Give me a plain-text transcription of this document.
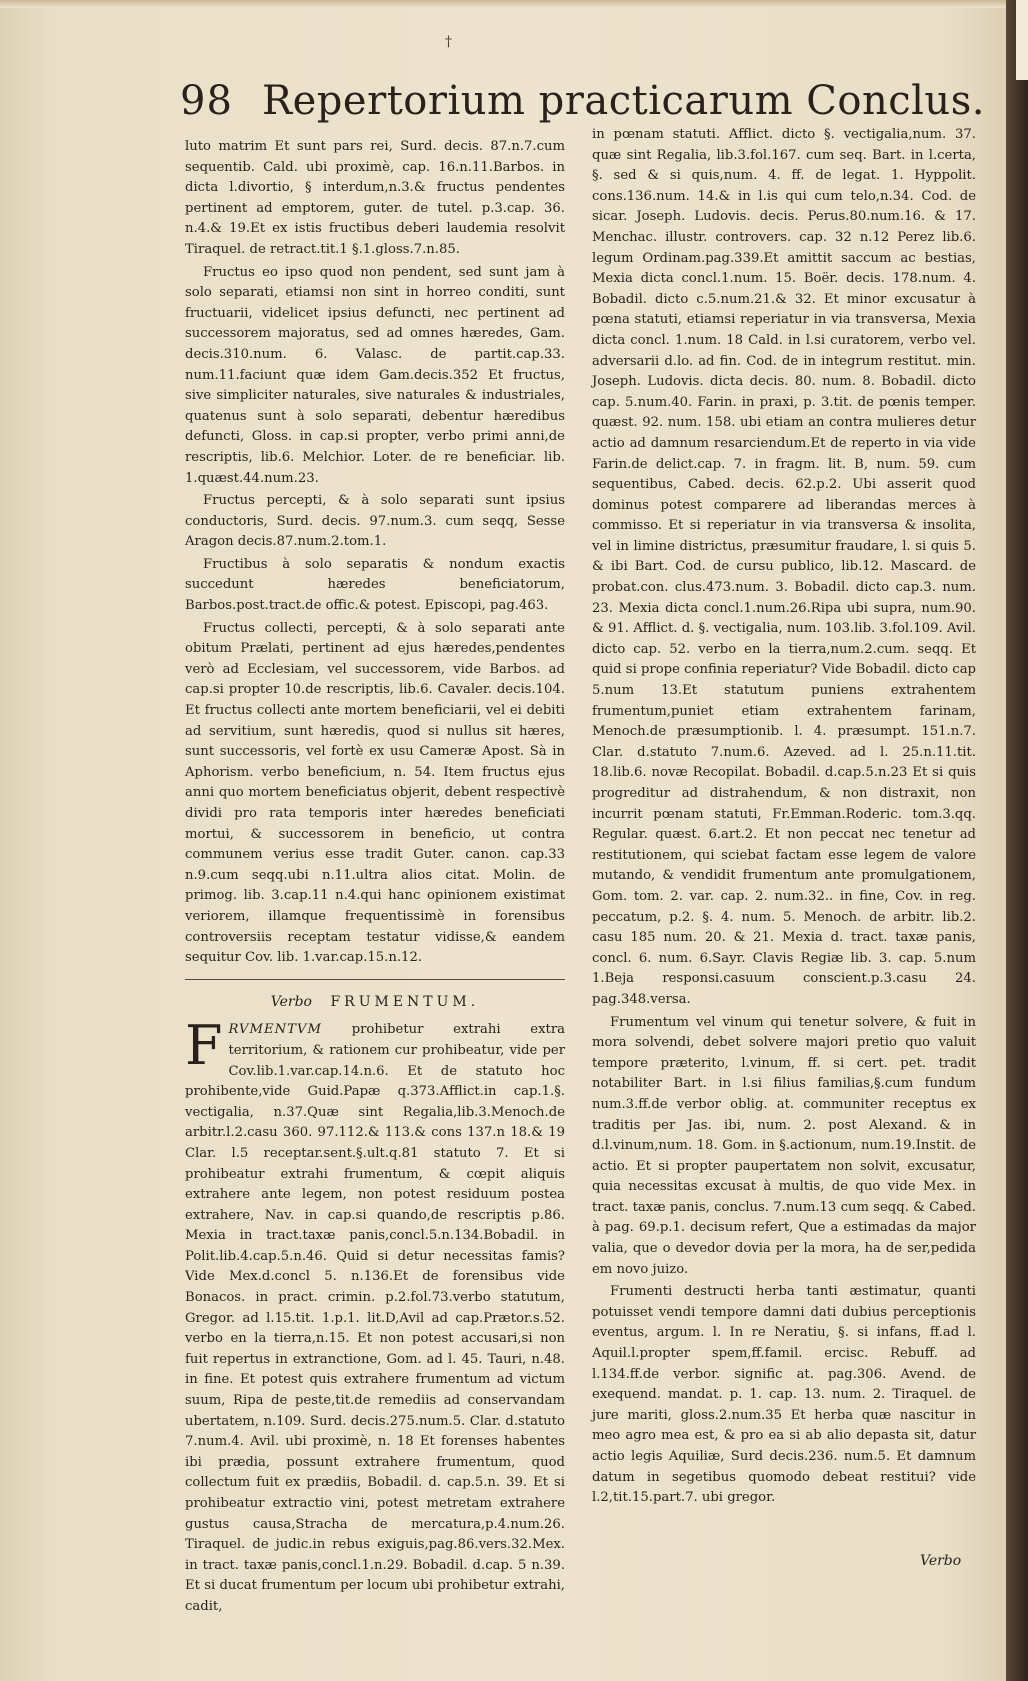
†
98 Repertorium practicarum Conclus.

luto matrim Et sunt pars rei, Surd. decis. 87.n.7.cum sequentib. Cald. ubi proximè, cap. 16.n.11.Barbos. in dicta l.divortio, § interdum,n.3.& fructus pendentes pertinent ad emptorem, guter. de tutel. p.3.cap. 36. n.4.& 19.Et ex istis fructibus deberi laudemia resolvit Tiraquel. de retract.tit.1 §.1.gloss.7.n.85.

Fructus eo ipso quod non pendent, sed sunt jam à solo separati, etiamsi non sint in horreo conditi, sunt fructuarii, videlicet ipsius defuncti, nec pertinent ad successorem majoratus, sed ad omnes hæredes, Gam. decis.310.num. 6. Valasc. de partit.cap.33. num.11.faciunt quæ idem Gam.decis.352 Et fructus, sive simpliciter naturales, sive naturales & industriales, quatenus sunt à solo separati, debentur hæredibus defuncti, Gloss. in cap.si propter, verbo primi anni,de rescriptis, lib.6. Melchior. Loter. de re beneficiar. lib. 1.quæst.44.num.23.

Fructus percepti, & à solo separati sunt ipsius conductoris, Surd. decis. 97.num.3. cum seqq, Sesse Aragon decis.87.num.2.tom.1.

Fructibus à solo separatis & nondum exactis succedunt hæredes beneficiatorum, Barbos.post.tract.de offic.& potest. Episcopi, pag.463.

Fructus collecti, percepti, & à solo separati ante obitum Prælati, pertinent ad ejus hæredes,pendentes verò ad Ecclesiam, vel successorem, vide Barbos. ad cap.si propter 10.de rescriptis, lib.6. Cavaler. decis.104. Et fructus collecti ante mortem beneficiarii, vel ei debiti ad servitium, sunt hæredis, quod si nullus sit hæres, sunt successoris, vel fortè ex usu Cameræ Apost. Sà in Aphorism. verbo beneficium, n. 54. Item fructus ejus anni quo mortem beneficiatus objerit, debent respectivè dividi pro rata temporis inter hæredes beneficiati mortui, & successorem in beneficio, ut contra communem verius esse tradit Guter. canon. cap.33 n.9.cum seqq.ubi n.11.ultra alios citat. Molin. de primog. lib. 3.cap.11 n.4.qui hanc opinionem existimat veriorem, illamque frequentissimè in forensibus controversiis receptam testatur vidisse,& eandem sequitur Cov. lib. 1.var.cap.15.n.12.

Verbo FRUMENTUM.

F RVMENTVM prohibetur extrahi extra territorium, & rationem cur prohibeatur, vide per Cov.lib.1.var.cap.14.n.6. Et de statuto hoc prohibente,vide Guid.Papæ q.373.Afflict.in cap.1.§. vectigalia, n.37.Quæ sint Regalia,lib.3.Menoch.de arbitr.l.2.casu 360. 97.112.& 113.& cons 137.n 18.& 19 Clar. l.5 receptar.sent.§.ult.q.81 statuto 7. Et si prohibeatur extrahi frumentum, & cœpit aliquis extrahere ante legem, non potest residuum postea extrahere, Nav. in cap.si quando,de rescriptis p.86. Mexia in tract.taxæ panis,concl.5.n.134.Bobadil. in Polit.lib.4.cap.5.n.46. Quid si detur necessitas famis? Vide Mex.d.concl 5. n.136.Et de forensibus vide Bonacos. in pract. crimin. p.2.fol.73.verbo statutum, Gregor. ad l.15.tit. 1.p.1. lit.D,Avil ad cap.Prætor.s.52. verbo en la tierra,n.15. Et non potest accusari,si non fuit repertus in extranctione, Gom. ad l. 45. Tauri, n.48. in fine. Et potest quis extrahere frumentum ad victum suum, Ripa de peste,tit.de remediis ad conservandam ubertatem, n.109. Surd. decis.275.num.5. Clar. d.statuto 7.num.4. Avil. ubi proximè, n. 18 Et forenses habentes ibi prædia, possunt extrahere frumentum, quod collectum fuit ex prædiis, Bobadil. d. cap.5.n. 39. Et si prohibeatur extractio vini, potest metretam extrahere gustus causa,Stracha de mercatura,p.4.num.26. Tiraquel. de judic.in rebus exiguis,pag.86.vers.32.Mex. in tract. taxæ panis,concl.1.n.29. Bobadil. d.cap. 5 n.39. Et si ducat frumentum per locum ubi prohibetur extrahi, cadit,

in pœnam statuti. Afflict. dicto §. vectigalia,num. 37. quæ sint Regalia, lib.3.fol.167. cum seq. Bart. in l.certa, §. sed & si quis,num. 4. ff. de legat. 1. Hyppolit. cons.136.num. 14.& in l.is qui cum telo,n.34. Cod. de sicar. Joseph. Ludovis. decis. Perus.80.num.16. & 17. Menchac. illustr. controvers. cap. 32 n.12 Perez lib.6. legum Ordinam.pag.339.Et amittit saccum ac bestias, Mexia dicta concl.1.num. 15. Boër. decis. 178.num. 4. Bobadil. dicto c.5.num.21.& 32. Et minor excusatur à pœna statuti, etiamsi reperiatur in via transversa, Mexia dicta concl. 1.num. 18 Cald. in l.si curatorem, verbo vel. adversarii d.lo. ad fin. Cod. de in integrum restitut. min. Joseph. Ludovis. dicta decis. 80. num. 8. Bobadil. dicto cap. 5.num.40. Farin. in praxi, p. 3.tit. de pœnis temper. quæst. 92. num. 158. ubi etiam an contra mulieres detur actio ad damnum resarciendum.Et de reperto in via vide Farin.de delict.cap. 7. in fragm. lit. B, num. 59. cum sequentibus, Cabed. decis. 62.p.2. Ubi asserit quod dominus potest comparere ad liberandas merces à commisso. Et si reperiatur in via transversa & insolita, vel in limine districtus, præsumitur fraudare, l. si quis 5. & ibi Bart. Cod. de cursu publico, lib.12. Mascard. de probat.con. clus.473.num. 3. Bobadil. dicto cap.3. num. 23. Mexia dicta concl.1.num.26.Ripa ubi supra, num.90. & 91. Afflict. d. §. vectigalia, num. 103.lib. 3.fol.109. Avil. dicto cap. 52. verbo en la tierra,num.2.cum. seqq. Et quid si prope confinia reperiatur? Vide Bobadil. dicto cap 5.num 13.Et statutum puniens extrahentem frumentum,puniet etiam extrahentem farinam, Menoch.de præsumptionib. l. 4. præsumpt. 151.n.7. Clar. d.statuto 7.num.6. Azeved. ad l. 25.n.11.tit. 18.lib.6. novæ Recopilat. Bobadil. d.cap.5.n.23 Et si quis progreditur ad distrahendum, & non distraxit, non incurrit pœnam statuti, Fr.Emman.Roderic. tom.3.qq. Regular. quæst. 6.art.2. Et non peccat nec tenetur ad restitutionem, qui sciebat factam esse legem de valore mutando, & vendidit frumentum ante promulgationem, Gom. tom. 2. var. cap. 2. num.32.. in fine, Cov. in reg. peccatum, p.2. §. 4. num. 5. Menoch. de arbitr. lib.2. casu 185 num. 20. & 21. Mexia d. tract. taxæ panis, concl. 6. num. 6.Sayr. Clavis Regiæ lib. 3. cap. 5.num 1.Beja responsi.casuum conscient.p.3.casu 24. pag.348.versa.

Frumentum vel vinum qui tenetur solvere, & fuit in mora solvendi, debet solvere majori pretio quo valuit tempore præterito, l.vinum, ff. si cert. pet. tradit notabiliter Bart. in l.si filius familias,§.cum fundum num.3.ff.de verbor oblig. at. communiter receptus ex traditis per Jas. ibi, num. 2. post Alexand. & in d.l.vinum,num. 18. Gom. in §.actionum, num.19.Instit. de actio. Et si propter paupertatem non solvit, excusatur, quia necessitas excusat à multis, de quo vide Mex. in tract. taxæ panis, conclus. 7.num.13 cum seqq. & Cabed. à pag. 69.p.1. decisum refert, Que a estimadas da major valia, que o devedor dovia per la mora, ha de ser,pedida em novo juizo.

Frumenti destructi herba tanti æstimatur, quanti potuisset vendi tempore damni dati dubius perceptionis eventus, argum. l. In re Neratiu, §. si infans, ff.ad l. Aquil.l.propter spem,ff.famil. ercisc. Rebuff. ad l.134.ff.de verbor. signific at. pag.306. Avend. de exequend. mandat. p. 1. cap. 13. num. 2. Tiraquel. de jure mariti, gloss.2.num.35 Et herba quæ nascitur in meo agro mea est, & pro ea si ab alio depasta sit, datur actio legis Aquiliæ, Surd decis.236. num.5. Et damnum datum in segetibus quomodo debeat restitui? vide l.2,tit.15.part.7. ubi gregor.

Verbo
